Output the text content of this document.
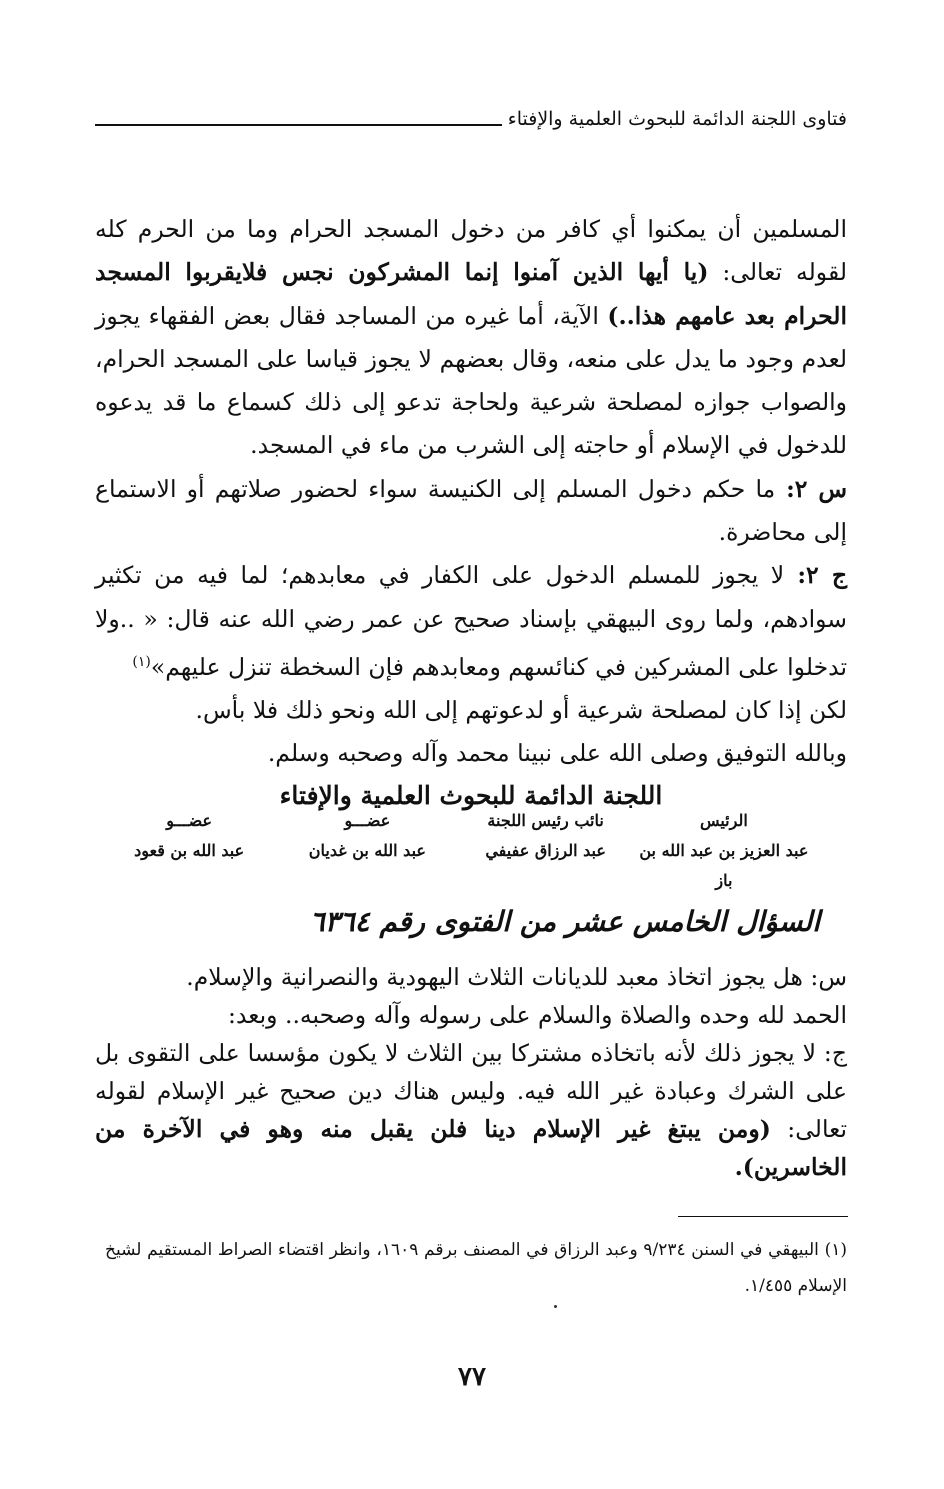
فتاوى اللجنة الدائمة للبحوث العلمية والإفتاء

المسلمين أن يمكنوا أي كافر من دخول المسجد الحرام وما من الحرم كله لقوله تعالى: (يا أيها الذين آمنوا إنما المشركون نجس فلايقربوا المسجد الحرام بعد عامهم هذا..) الآية، أما غيره من المساجد فقال بعض الفقهاء يجوز لعدم وجود ما يدل على منعه، وقال بعضهم لا يجوز قياسا على المسجد الحرام، والصواب جوازه لمصلحة شرعية ولحاجة تدعو إلى ذلك كسماع ما قد يدعوه للدخول في الإسلام أو حاجته إلى الشرب من ماء في المسجد.

س ٢: ما حكم دخول المسلم إلى الكنيسة سواء لحضور صلاتهم أو الاستماع إلى محاضرة.

ج ٢: لا يجوز للمسلم الدخول على الكفار في معابدهم؛ لما فيه من تكثير سوادهم، ولما روى البيهقي بإسناد صحيح عن عمر رضي الله عنه قال: « ..ولا تدخلوا على المشركين في كنائسهم ومعابدهم فإن السخطة تنزل عليهم»$^{(١)}$

لكن إذا كان لمصلحة شرعية أو لدعوتهم إلى الله ونحو ذلك فلا بأس.

وبالله التوفيق وصلى الله على نبينا محمد وآله وصحبه وسلم.

اللجنة الدائمة للبحوث العلمية والإفتاء
الرئيس
نائب رئيس اللجنة
عضـــو
عضـــو
عبد العزيز بن عبد الله بن باز
عبد الرزاق عفيفي
عبد الله بن غديان
عبد الله بن قعود
السؤال الخامس عشر من الفتوى رقم ٦٣٦٤

س: هل يجوز اتخاذ معبد للديانات الثلاث اليهودية والنصرانية والإسلام.

الحمد لله وحده والصلاة والسلام على رسوله وآله وصحبه.. وبعد:

ج: لا يجوز ذلك لأنه باتخاذه مشتركا بين الثلاث لا يكون مؤسسا على التقوى بل على الشرك وعبادة غير الله فيه. وليس هناك دين صحيح غير الإسلام لقوله تعالى: (ومن يبتغ غير الإسلام دينا فلن يقبل منه وهو في الآخرة من الخاسرين).

(١) البيهقي في السنن ٩/٢٣٤ وعبد الرزاق في المصنف برقم ١٦٠٩، وانظر اقتضاء الصراط المستقيم لشيخ الإسلام ١/٤٥٥.
٧٧
